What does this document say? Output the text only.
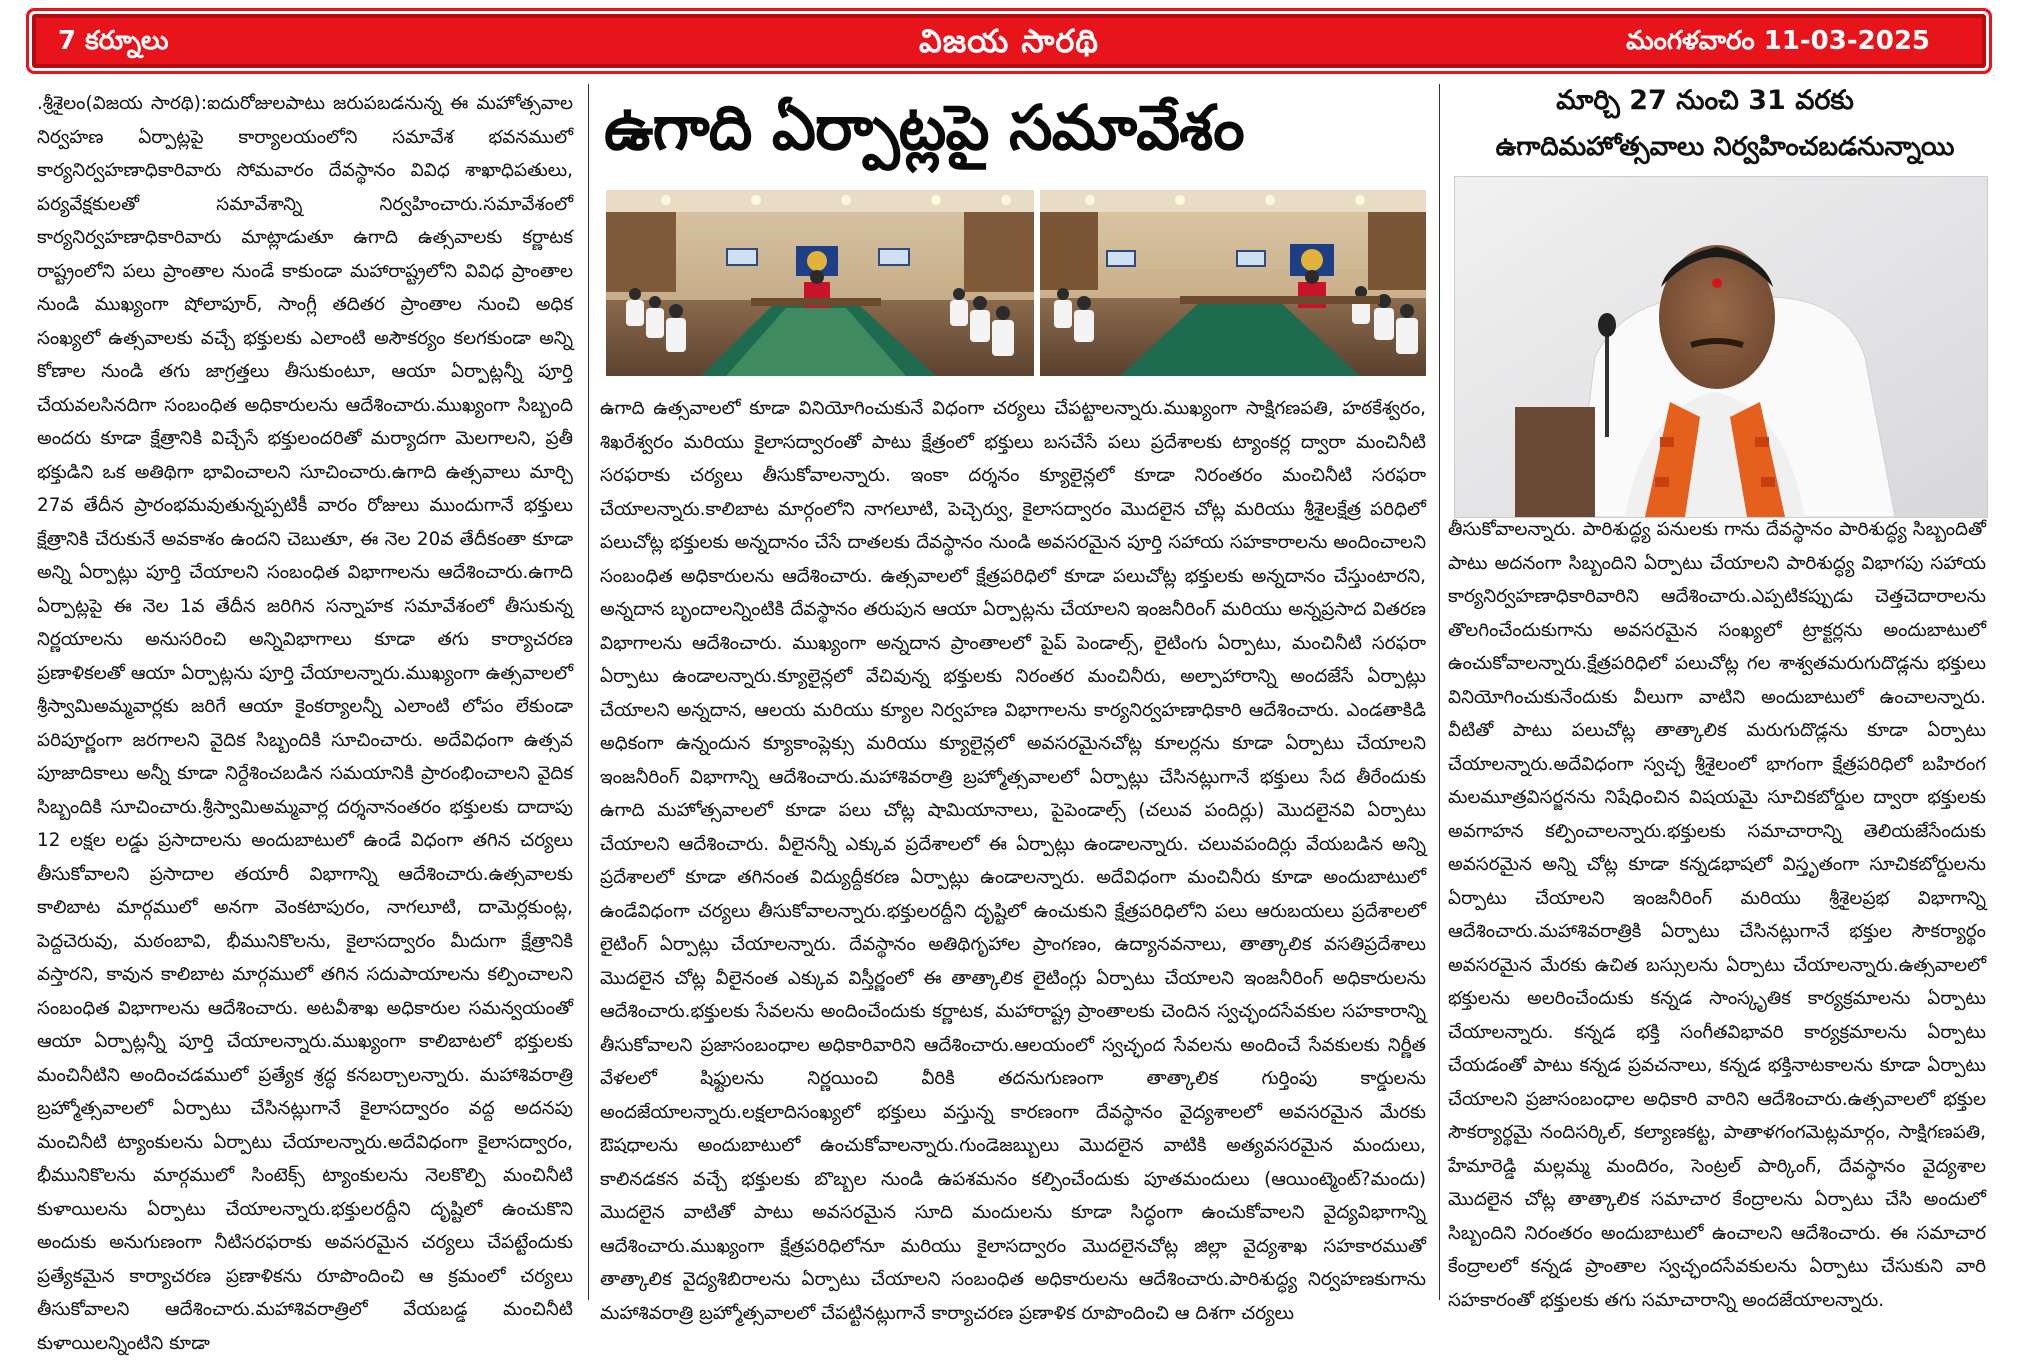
7 కర్నూలు	విజయ సారథి	మంగళవారం 11-03-2025
.శ్రీశైలం(విజయ సారథి):ఐదురోజులపాటు జరుపబడనున్న ఈ మహోత్సవాల నిర్వహణ ఏర్పాట్లపై కార్యాలయంలోని సమావేశ భవనములో కార్యనిర్వహణాధికారివారు సోమవారం దేవస్థానం వివిధ శాఖాధిపతులు, పర్యవేక్షకులతో సమావేశాన్ని నిర్వహించారు.సమావేశంలో కార్యనిర్వహణాధికారివారు మాట్లాడుతూ ఉగాది ఉత్సవాలకు కర్ణాటక రాష్ట్రంలోని పలు ప్రాంతాల నుండే కాకుండా మహారాష్ట్రలోని వివిధ ప్రాంతాల నుండి ముఖ్యంగా షోలాపూర్, సాంగ్లీ తదితర ప్రాంతాల నుంచి అధిక సంఖ్యలో ఉత్సవాలకు వచ్చే భక్తులకు ఎలాంటి అసౌకర్యం కలగకుండా అన్ని కోణాల నుండి తగు జాగ్రత్తలు తీసుకుంటూ, ఆయా ఏర్పాట్లన్నీ పూర్తి చేయవలసినదిగా సంబంధిత అధికారులను ఆదేశించారు.ముఖ్యంగా సిబ్బంది అందరు కూడా క్షేత్రానికి విచ్చేసే భక్తులందరితో మర్యాదగా మెలగాలని, ప్రతీ భక్తుడిని ఒక అతిథిగా భావించాలని సూచించారు.ఉగాది ఉత్సవాలు మార్చి 27వ తేదీన ప్రారంభమవుతున్నప్పటికీ వారం రోజులు ముందుగానే భక్తులు క్షేత్రానికి చేరుకునే అవకాశం ఉందని చెబుతూ, ఈ నెల 20వ తేదీకంతా కూడా అన్ని ఏర్పాట్లు పూర్తి చేయాలని సంబంధిత విభాగాలను ఆదేశించారు.ఉగాది ఏర్పాట్లపై ఈ నెల 1వ తేదీన జరిగిన సన్నాహక సమావేశంలో తీసుకున్న నిర్ణయాలను అనుసరించి అన్నివిభాగాలు కూడా తగు కార్యాచరణ ప్రణాళికలతో ఆయా ఏర్పాట్లను పూర్తి చేయాలన్నారు.ముఖ్యంగా ఉత్సవాలలో శ్రీస్వామిఅమ్మవార్లకు జరిగే ఆయా కైంకర్యాలన్నీ ఎలాంటి లోపం లేకుండా పరిపూర్ణంగా జరగాలని వైదిక సిబ్బందికి సూచించారు. అదేవిధంగా ఉత్సవ పూజాదికాలు అన్నీ కూడా నిర్దేశించబడిన సమయానికి ప్రారంభించాలని వైదిక సిబ్బందికి సూచించారు.శ్రీస్వామిఅమ్మవార్ల దర్శనానంతరం భక్తులకు దాదాపు 12 లక్షల లడ్డు ప్రసాదాలను అందుబాటులో ఉండే విధంగా తగిన చర్యలు తీసుకోవాలని ప్రసాదాల తయారీ విభాగాన్ని ఆదేశించారు.ఉత్సవాలకు కాలిబాట మార్గములో అనగా వెంకటాపురం, నాగలూటి, దామెర్లకుంట్ల, పెద్దచెరువు, మఠంబావి, భీమునికొలను, కైలాసద్వారం మీదుగా క్షేత్రానికి వస్తారని, కావున కాలిబాట మార్గములో తగిన సదుపాయాలను కల్పించాలని సంబంధిత విభాగాలను ఆదేశించారు. అటవీశాఖ అధికారుల సమన్వయంతో ఆయా ఏర్పాట్లన్నీ పూర్తి చేయాలన్నారు.ముఖ్యంగా కాలిబాటలో భక్తులకు మంచినీటిని అందించడములో ప్రత్యేక శ్రద్ధ కనబర్చాలన్నారు. మహాశివరాత్రి బ్రహ్మోత్సవాలలో ఏర్పాటు చేసినట్లుగానే కైలాసద్వారం వద్ద అదనపు మంచినీటి ట్యాంకులను ఏర్పాటు చేయాలన్నారు.అదేవిధంగా కైలాసద్వారం, భీమునికొలను మార్గములో సింటెక్స్ ట్యాంకులను నెలకొల్పి మంచినీటి కుళాయిలను ఏర్పాటు చేయాలన్నారు.భక్తులరద్దీని దృష్టిలో ఉంచుకొని అందుకు అనుగుణంగా నీటిసరఫరాకు అవసరమైన చర్యలు చేపట్టేందుకు ప్రత్యేకమైన కార్యాచరణ ప్రణాళికను రూపొందించి ఆ క్రమంలో చర్యలు తీసుకోవాలని ఆదేశించారు.మహాశివరాత్రిలో వేయబడ్డ మంచినీటి కుళాయిలన్నింటిని కూడా
ఉగాది ఏర్పాట్లపై సమావేశం
ఉగాది ఉత్సవాలలో కూడా వినియోగించుకునే విధంగా చర్యలు చేపట్టాలన్నారు.ముఖ్యంగా సాక్షిగణపతి, హఠకేశ్వరం, శిఖరేశ్వరం మరియు కైలాసద్వారంతో పాటు క్షేత్రంలో భక్తులు బసచేసే పలు ప్రదేశాలకు ట్యాంకర్ల ద్వారా మంచినీటి సరఫరాకు చర్యలు తీసుకోవాలన్నారు. ఇంకా దర్శనం క్యూలైన్లలో కూడా నిరంతరం మంచినీటి సరఫరా చేయాలన్నారు.కాలిబాట మార్గంలోని నాగలూటి, పెచ్చెర్వు, కైలాసద్వారం మొదలైన చోట్ల మరియు శ్రీశైలక్షేత్ర పరిధిలో పలుచోట్ల భక్తులకు అన్నదానం చేసే దాతలకు దేవస్థానం నుండి అవసరమైన పూర్తి సహాయ సహకారాలను అందించాలని సంబంధిత అధికారులను ఆదేశించారు. ఉత్సవాలలో క్షేత్రపరిధిలో కూడా పలుచోట్ల భక్తులకు అన్నదానం చేస్తుంటారని, అన్నదాన బృందాలన్నింటికి దేవస్థానం తరుపున ఆయా ఏర్పాట్లను చేయాలని ఇంజనీరింగ్ మరియు అన్నప్రసాద వితరణ విభాగాలను ఆదేశించారు. ముఖ్యంగా అన్నదాన ప్రాంతాలలో పైప్ పెండాల్స్, లైటింగు ఏర్పాటు, మంచినీటి సరఫరా ఏర్పాటు ఉండాలన్నారు.క్యూలైన్లలో వేచివున్న భక్తులకు నిరంతర మంచినీరు, అల్పాహారాన్ని అందజేసే ఏర్పాట్లు చేయాలని అన్నదాన, ఆలయ మరియు క్యూల నిర్వహణ విభాగాలను కార్యనిర్వహణాధికారి ఆదేశించారు. ఎండతాకిడి అధికంగా ఉన్నందున క్యూకాంప్లెక్సు మరియు క్యూలైన్లలో అవసరమైనచోట్ల కూలర్లను కూడా ఏర్పాటు చేయాలని ఇంజనీరింగ్ విభాగాన్ని ఆదేశించారు.మహాశివరాత్రి బ్రహ్మోత్సవాలలో ఏర్పాట్లు చేసినట్లుగానే భక్తులు సేద తీరేందుకు ఉగాది మహోత్సవాలలో కూడా పలు చోట్ల షామియానాలు, పైపెండాల్స్ (చలువ పందిర్లు) మొదలైనవి ఏర్పాటు చేయాలని ఆదేశించారు. వీలైనన్నీ ఎక్కువ ప్రదేశాలలో ఈ ఏర్పాట్లు ఉండాలన్నారు. చలువపందిర్లు వేయబడిన అన్ని ప్రదేశాలలో కూడా తగినంత విద్యుద్దీకరణ ఏర్పాట్లు ఉండాలన్నారు. అదేవిధంగా మంచినీరు కూడా అందుబాటులో ఉండేవిధంగా చర్యలు తీసుకోవాలన్నారు.భక్తులరద్దీని దృష్టిలో ఉంచుకుని క్షేత్రపరిధిలోని పలు ఆరుబయలు ప్రదేశాలలో లైటింగ్ ఏర్పాట్లు చేయాలన్నారు. దేవస్థానం అతిథిగృహాల ప్రాంగణం, ఉద్యానవనాలు, తాత్కాలిక వసతిప్రదేశాలు మొదలైన చోట్ల వీలైనంత ఎక్కువ విస్తీర్ణంలో ఈ తాత్కాలిక లైటింగ్లు ఏర్పాటు చేయాలని ఇంజనీరింగ్ అధికారులను ఆదేశించారు.భక్తులకు సేవలను అందించేందుకు కర్ణాటక, మహారాష్ట్ర ప్రాంతాలకు చెందిన స్వచ్ఛందసేవకుల సహకారాన్ని తీసుకోవాలని ప్రజాసంబంధాల అధికారివారిని ఆదేశించారు.ఆలయంలో స్వచ్ఛంద సేవలను అందించే సేవకులకు నిర్ణీత వేళలలో షిఫ్టులను నిర్ణయించి వీరికి తదనుగుణంగా తాత్కాలిక గుర్తింపు కార్డులను అందజేయాలన్నారు.లక్షలాదిసంఖ్యలో భక్తులు వస్తున్న కారణంగా దేవస్థానం వైద్యశాలలో అవసరమైన మేరకు ఔషధాలను అందుబాటులో ఉంచుకోవాలన్నారు.గుండెజబ్బులు మొదలైన వాటికి అత్యవసరమైన మందులు, కాలినడకన వచ్చే భక్తులకు బొబ్బల నుండి ఉపశమనం కల్పించేందుకు పూతమందులు (ఆయింట్మెంట్?మందు) మొదలైన వాటితో పాటు అవసరమైన సూది మందులను కూడా సిద్ధంగా ఉంచుకోవాలని వైద్యవిభాగాన్ని ఆదేశించారు.ముఖ్యంగా క్షేత్రపరిధిలోనూ మరియు కైలాసద్వారం మొదలైనచోట్ల జిల్లా వైద్యశాఖ సహకారముతో తాత్కాలిక వైద్యశిబిరాలను ఏర్పాటు చేయాలని సంబంధిత అధికారులను ఆదేశించారు.పారిశుద్ధ్య నిర్వహణకుగాను మహాశివరాత్రి బ్రహ్మోత్సవాలలో చేపట్టినట్లుగానే కార్యాచరణ ప్రణాళిక రూపొందించి ఆ దిశగా చర్యలు
మార్చి 27 నుంచి 31 వరకు
ఉగాదిమహోత్సవాలు నిర్వహించబడనున్నాయి
తీసుకోవాలన్నారు. పారిశుద్ధ్య పనులకు గాను దేవస్థానం పారిశుద్ధ్య సిబ్బందితో పాటు అదనంగా సిబ్బందిని ఏర్పాటు చేయాలని పారిశుద్ధ్య విభాగపు సహాయ కార్యనిర్వహణాధికారివారిని ఆదేశించారు.ఎప్పటికప్పుడు చెత్తచెదారాలను తొలగించేందుకుగాను అవసరమైన సంఖ్యలో ట్రాక్టర్లను అందుబాటులో ఉంచుకోవాలన్నారు.క్షేత్రపరిధిలో పలుచోట్ల గల శాశ్వతమరుగుదొడ్లను భక్తులు వినియోగించుకునేందుకు వీలుగా వాటిని అందుబాటులో ఉంచాలన్నారు. వీటితో పాటు పలుచోట్ల తాత్కాలిక మరుగుదొడ్లను కూడా ఏర్పాటు చేయాలన్నారు.అదేవిధంగా స్వచ్ఛ శ్రీశైలంలో భాగంగా క్షేత్రపరిధిలో బహిరంగ మలమూత్రవిసర్జనను నిషేధించిన విషయమై సూచికబోర్డుల ద్వారా భక్తులకు అవగాహన కల్పించాలన్నారు.భక్తులకు సమాచారాన్ని తెలియజేసేందుకు అవసరమైన అన్ని చోట్ల కూడా కన్నడభాషలో విస్తృతంగా సూచికబోర్డులను ఏర్పాటు చేయాలని ఇంజనీరింగ్ మరియు శ్రీశైలప్రభ విభాగాన్ని ఆదేశించారు.మహాశివరాత్రికి ఏర్పాటు చేసినట్లుగానే భక్తుల సౌకర్యార్థం అవసరమైన మేరకు ఉచిత బస్సులను ఏర్పాటు చేయాలన్నారు.ఉత్సవాలలో భక్తులను అలరించేందుకు కన్నడ సాంస్కృతిక కార్యక్రమాలను ఏర్పాటు చేయాలన్నారు. కన్నడ భక్తి సంగీతవిభావరి కార్యక్రమాలను ఏర్పాటు చేయడంతో పాటు కన్నడ ప్రవచనాలు, కన్నడ భక్తినాటకాలను కూడా ఏర్పాటు చేయాలని ప్రజాసంబంధాల అధికారి వారిని ఆదేశించారు.ఉత్సవాలలో భక్తుల సౌకర్యార్థమై నందిసర్కిల్, కల్యాణకట్ట, పాతాళగంగమెట్లమార్గం, సాక్షిగణపతి, హేమారెడ్డి మల్లమ్మ మందిరం, సెంట్రల్ పార్కింగ్, దేవస్థానం వైద్యశాల మొదలైన చోట్ల తాత్కాలిక సమాచార కేంద్రాలను ఏర్పాటు చేసి అందులో సిబ్బందిని నిరంతరం అందుబాటులో ఉంచాలని ఆదేశించారు. ఈ సమాచార కేంద్రాలలో కన్నడ ప్రాంతాల స్వచ్ఛందసేవకులను ఏర్పాటు చేసుకుని వారి సహకారంతో భక్తులకు తగు సమాచారాన్ని అందజేయాలన్నారు.
